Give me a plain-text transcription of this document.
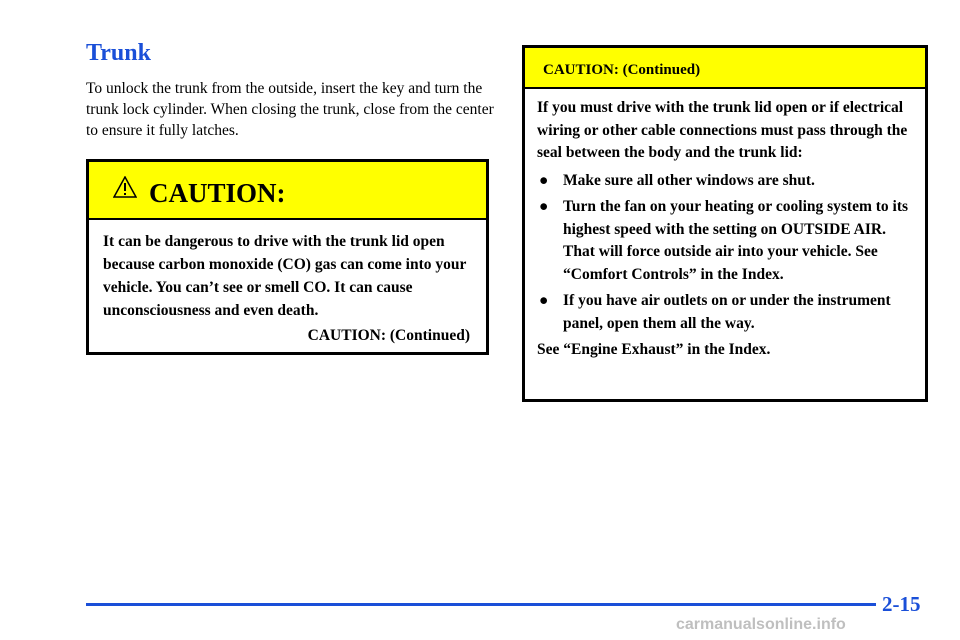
Trunk

To unlock the trunk from the outside, insert the key and turn the trunk lock cylinder. When closing the trunk, close from the center to ensure it fully latches.

CAUTION:
It can be dangerous to drive with the trunk lid open because carbon monoxide (CO) gas can come into your vehicle. You can’t see or smell CO. It can cause unconsciousness and even death.
CAUTION: (Continued)
CAUTION: (Continued)

If you must drive with the trunk lid open or if electrical wiring or other cable connections must pass through the seal between the body and the trunk lid:

● Make sure all other windows are shut.
● Turn the fan on your heating or cooling system to its highest speed with the setting on OUTSIDE AIR. That will force outside air into your vehicle. See “Comfort Controls” in the Index.
● If you have air outlets on or under the instrument panel, open them all the way.

See “Engine Exhaust” in the Index.

2-15
carmanualsonline.info
